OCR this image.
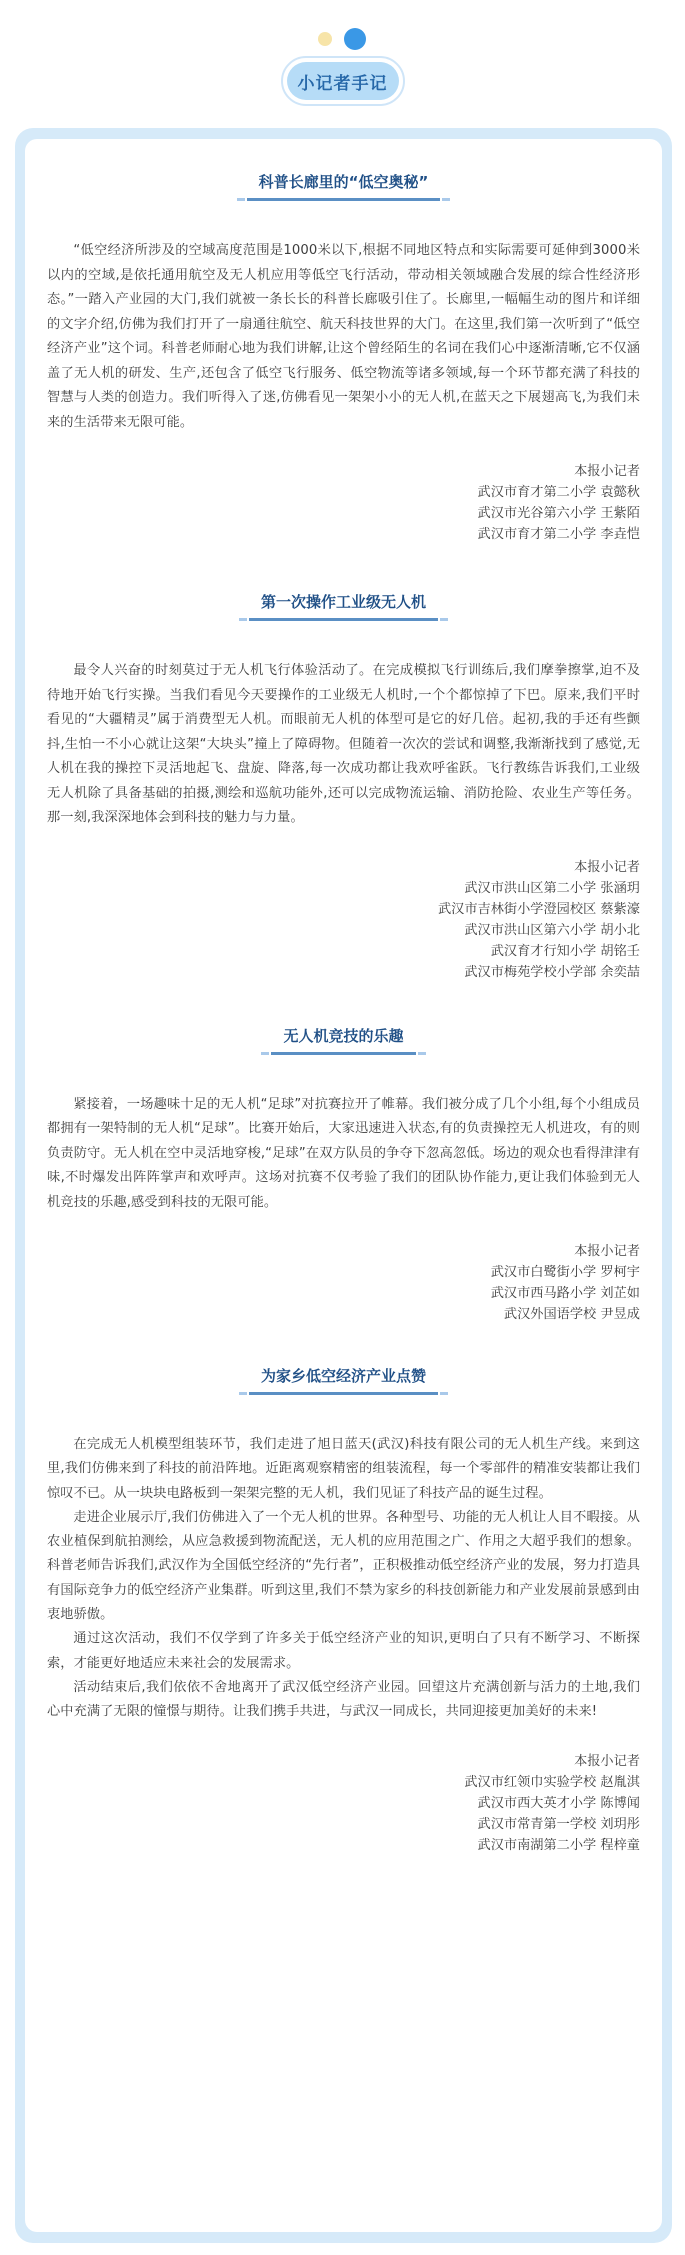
小记者手记
科普长廊里的“低空奥秘”

“低空经济所涉及的空域高度范围是1000米以下,根据不同地区特点和实际需要可延伸到3000米以内的空域,是依托通用航空及无人机应用等低空飞行活动，带动相关领域融合发展的综合性经济形态。”一踏入产业园的大门,我们就被一条长长的科普长廊吸引住了。长廊里,一幅幅生动的图片和详细的文字介绍,仿佛为我们打开了一扇通往航空、航天科技世界的大门。在这里,我们第一次听到了“低空经济产业”这个词。科普老师耐心地为我们讲解,让这个曾经陌生的名词在我们心中逐渐清晰,它不仅涵盖了无人机的研发、生产,还包含了低空飞行服务、低空物流等诸多领域,每一个环节都充满了科技的智慧与人类的创造力。我们听得入了迷,仿佛看见一架架小小的无人机,在蓝天之下展翅高飞,为我们未来的生活带来无限可能。

本报小记者
武汉市育才第二小学 袁懿秋
武汉市光谷第六小学 王紫陌
武汉市育才第二小学 李垚恺
第一次操作工业级无人机

最令人兴奋的时刻莫过于无人机飞行体验活动了。在完成模拟飞行训练后,我们摩拳擦掌,迫不及待地开始飞行实操。当我们看见今天要操作的工业级无人机时,一个个都惊掉了下巴。原来,我们平时看见的“大疆精灵”属于消费型无人机。而眼前无人机的体型可是它的好几倍。起初,我的手还有些颤抖,生怕一不小心就让这架“大块头”撞上了障碍物。但随着一次次的尝试和调整,我渐渐找到了感觉,无人机在我的操控下灵活地起飞、盘旋、降落,每一次成功都让我欢呼雀跃。飞行教练告诉我们,工业级无人机除了具备基础的拍摄,测绘和巡航功能外,还可以完成物流运输、消防抢险、农业生产等任务。那一刻,我深深地体会到科技的魅力与力量。

本报小记者
武汉市洪山区第二小学 张涵玥
武汉市吉林街小学澄园校区 蔡紫濠
武汉市洪山区第六小学 胡小北
武汉育才行知小学 胡铭壬
武汉市梅苑学校小学部 余奕喆
无人机竞技的乐趣

紧接着，一场趣味十足的无人机“足球”对抗赛拉开了帷幕。我们被分成了几个小组,每个小组成员都拥有一架特制的无人机“足球”。比赛开始后，大家迅速进入状态,有的负责操控无人机进攻，有的则负责防守。无人机在空中灵活地穿梭,“足球”在双方队员的争夺下忽高忽低。场边的观众也看得津津有味,不时爆发出阵阵掌声和欢呼声。这场对抗赛不仅考验了我们的团队协作能力,更让我们体验到无人机竞技的乐趣,感受到科技的无限可能。

本报小记者
武汉市白鹭街小学 罗柯宇
武汉市西马路小学 刘芷如
武汉外国语学校 尹昱成
为家乡低空经济产业点赞

在完成无人机模型组装环节，我们走进了旭日蓝天(武汉)科技有限公司的无人机生产线。来到这里,我们仿佛来到了科技的前沿阵地。近距离观察精密的组装流程，每一个零部件的精准安装都让我们惊叹不已。从一块块电路板到一架架完整的无人机，我们见证了科技产品的诞生过程。

走进企业展示厅,我们仿佛进入了一个无人机的世界。各种型号、功能的无人机让人目不暇接。从农业植保到航拍测绘，从应急救援到物流配送，无人机的应用范围之广、作用之大超乎我们的想象。科普老师告诉我们,武汉作为全国低空经济的“先行者”，正积极推动低空经济产业的发展，努力打造具有国际竞争力的低空经济产业集群。听到这里,我们不禁为家乡的科技创新能力和产业发展前景感到由衷地骄傲。

通过这次活动，我们不仅学到了许多关于低空经济产业的知识,更明白了只有不断学习、不断探索，才能更好地适应未来社会的发展需求。

活动结束后,我们依依不舍地离开了武汉低空经济产业园。回望这片充满创新与活力的土地,我们心中充满了无限的憧憬与期待。让我们携手共进，与武汉一同成长，共同迎接更加美好的未来!

本报小记者
武汉市红领巾实验学校 赵胤淇
武汉市西大英才小学 陈博闻
武汉市常青第一学校 刘玥彤
武汉市南湖第二小学 程梓童
